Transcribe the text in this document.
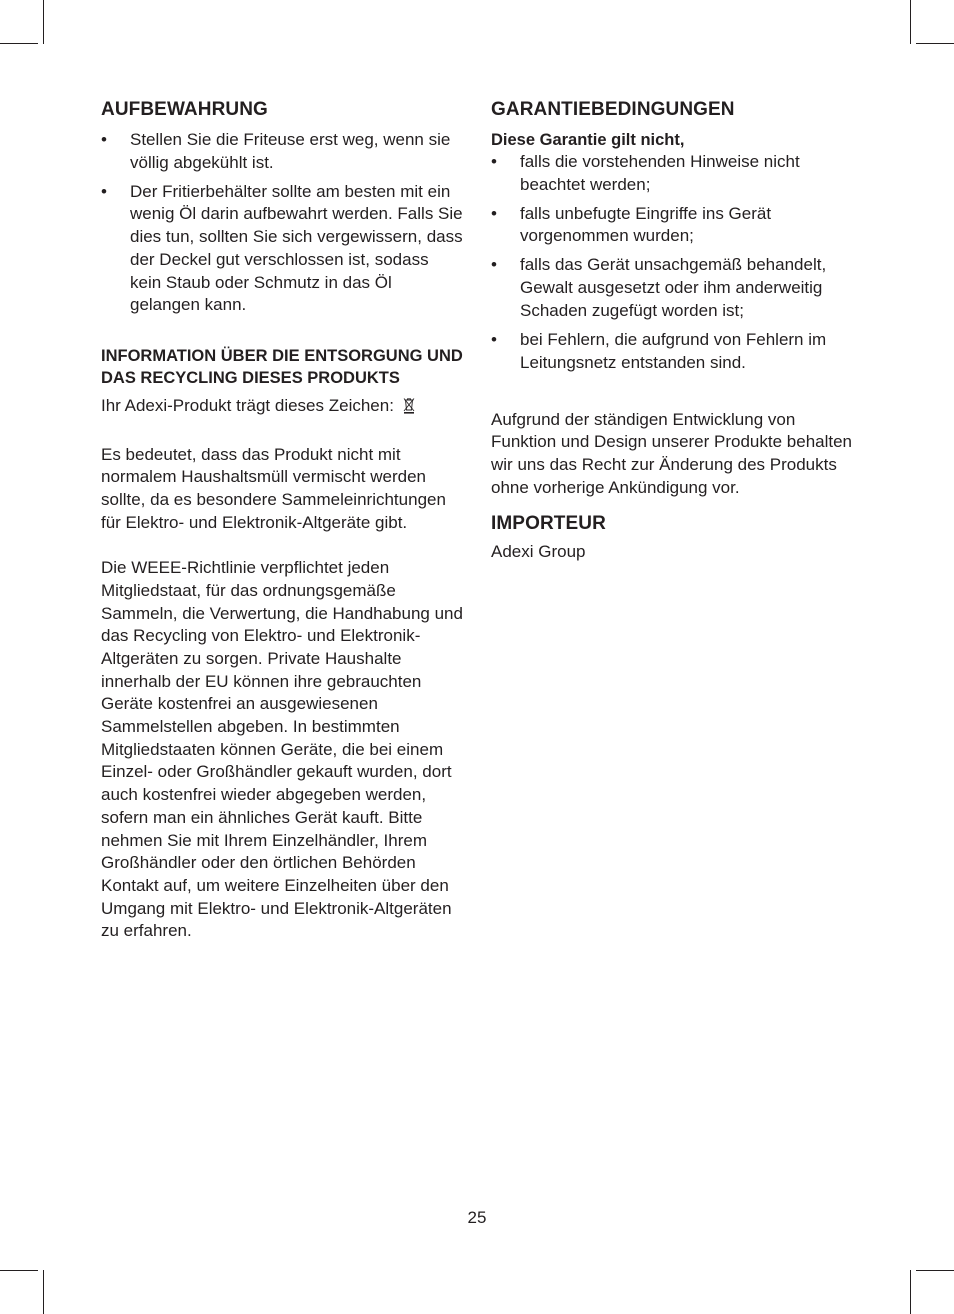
AUFBEWAHRUNG
• Stellen Sie die Friteuse erst weg, wenn sie völlig abgekühlt ist.
• Der Fritierbehälter sollte am besten mit ein wenig Öl darin aufbewahrt werden. Falls Sie dies tun, sollten Sie sich vergewissern, dass der Deckel gut verschlossen ist, sodass kein Staub oder Schmutz in das Öl gelangen kann.
INFORMATION ÜBER DIE ENTSORGUNG UND DAS RECYCLING DIESES PRODUKTS

Ihr Adexi-Produkt trägt dieses Zeichen:

Es bedeutet, dass das Produkt nicht mit normalem Haushaltsmüll vermischt werden sollte, da es besondere Sammeleinrichtungen für Elektro- und Elektronik-Altgeräte gibt.

Die WEEE-Richtlinie verpflichtet jeden Mitgliedstaat, für das ordnungsgemäße Sammeln, die Verwertung, die Handhabung und das Recycling von Elektro- und Elektronik-Altgeräten zu sorgen. Private Haushalte innerhalb der EU können ihre gebrauchten Geräte kostenfrei an ausgewiesenen Sammelstellen abgeben. In bestimmten Mitgliedstaaten können Geräte, die bei einem Einzel- oder Großhändler gekauft wurden, dort auch kostenfrei wieder abgegeben werden, sofern man ein ähnliches Gerät kauft. Bitte nehmen Sie mit Ihrem Einzelhändler, Ihrem Großhändler oder den örtlichen Behörden Kontakt auf, um weitere Einzelheiten über den Umgang mit Elektro- und Elektronik-Altgeräten zu erfahren.

GARANTIEBEDINGUNGEN
Diese Garantie gilt nicht,
• falls die vorstehenden Hinweise nicht beachtet werden;
• falls unbefugte Eingriffe ins Gerät vorgenommen wurden;
• falls das Gerät unsachgemäß behandelt, Gewalt ausgesetzt oder ihm anderweitig Schaden zugefügt worden ist;
• bei Fehlern, die aufgrund von Fehlern im Leitungsnetz entstanden sind.

Aufgrund der ständigen Entwicklung von Funktion und Design unserer Produkte behalten wir uns das Recht zur Änderung des Produkts ohne vorherige Ankündigung vor.

IMPORTEUR

Adexi Group

25
